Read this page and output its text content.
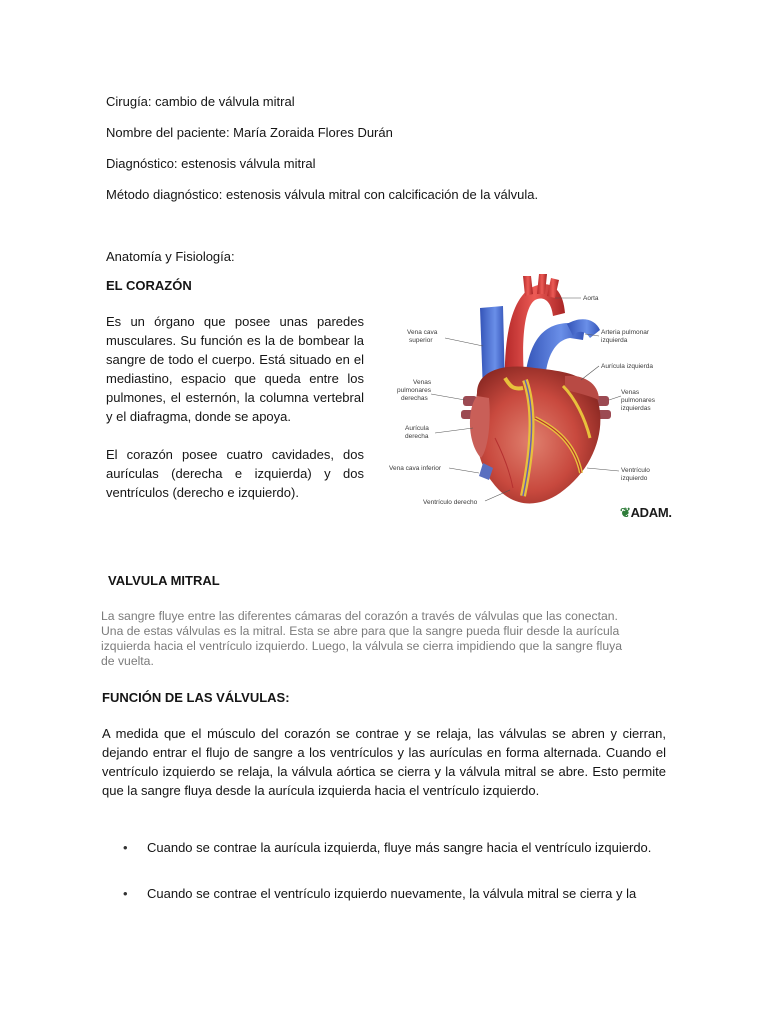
Cirugía: cambio de válvula mitral
Nombre del paciente: María Zoraida Flores Durán
Diagnóstico: estenosis válvula mitral
Método diagnóstico: estenosis válvula mitral con calcificación de la válvula.
Anatomía y Fisiología:
EL CORAZÓN
Es un órgano que posee unas paredes musculares. Su función es la de bombear la sangre de todo el cuerpo. Está situado en el mediastino, espacio que queda entre los pulmones, el esternón, la columna vertebral y el diafragma, donde se apoya.
El corazón posee cuatro cavidades, dos aurículas (derecha e izquierda) y dos ventrículos (derecho e izquierdo).
Aorta
Vena cava
superior
Arteria pulmonar
izquierda
Aurícula izquierda
Venas
pulmonares
derechas
Venas
pulmonares
izquierdas
Aurícula
derecha
Vena cava inferior	Ventrículo
izquierdo
Ventrículo derecho
❦ADAM.
VALVULA MITRAL
La sangre fluye entre las diferentes cámaras del corazón a través de válvulas que las conectan.
Una de estas válvulas es la mitral. Esta se abre para que la sangre pueda fluir desde la aurícula
izquierda hacia el ventrículo izquierdo. Luego, la válvula se cierra impidiendo que la sangre fluya
de vuelta.
FUNCIÓN DE LAS VÁLVULAS:
A medida que el músculo del corazón se contrae y se relaja, las válvulas se abren y cierran, dejando entrar el flujo de sangre a los ventrículos y las aurículas en forma alternada. Cuando el ventrículo izquierdo se relaja, la válvula aórtica se cierra y la válvula mitral se abre. Esto permite que la sangre fluya desde la aurícula izquierda hacia el ventrículo izquierdo.
• Cuando se contrae la aurícula izquierda, fluye más sangre hacia el ventrículo izquierdo.
• Cuando se contrae el ventrículo izquierdo nuevamente, la válvula mitral se cierra y la
